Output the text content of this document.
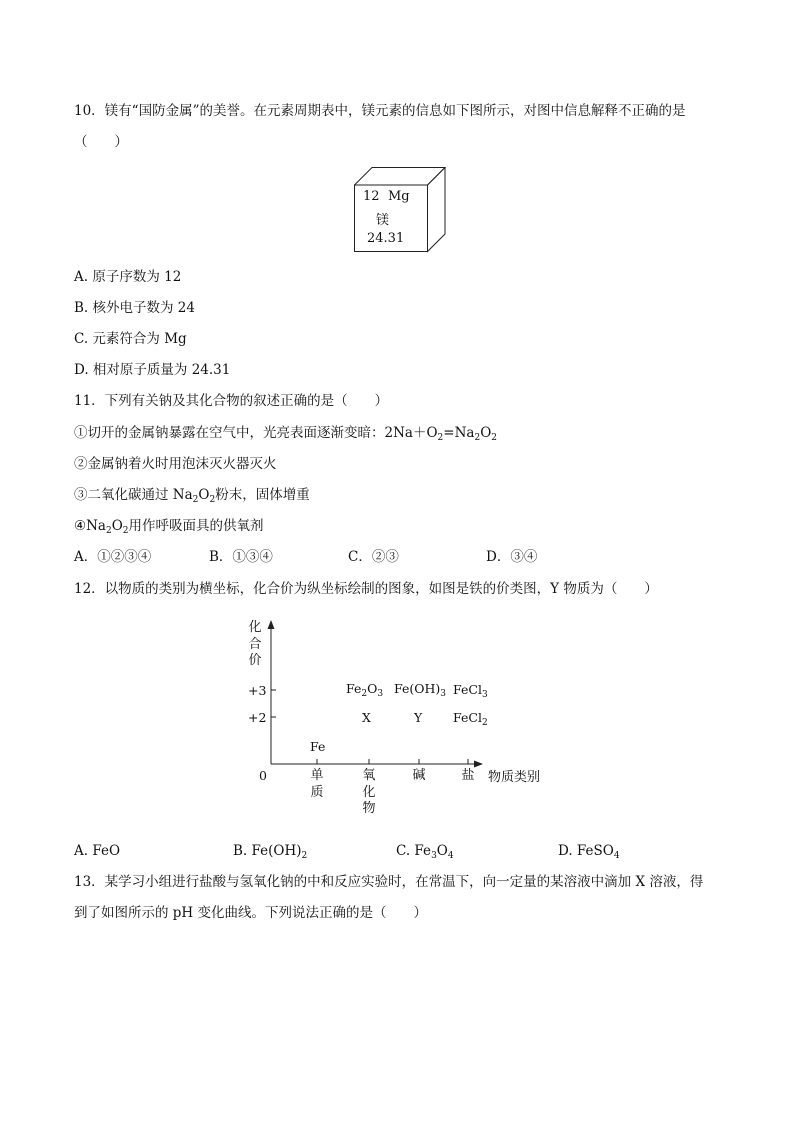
10．镁有“国防金属”的美誉。在元素周期表中，镁元素的信息如下图所示，对图中信息解释不正确的是
（　　）
12 Mg
镁
24.31
A. 原子序数为 12
B. 核外电子数为 24
C. 元素符合为 Mg
D. 相对原子质量为 24.31
11．下列有关钠及其化合物的叙述正确的是（　　）
①切开的金属钠暴露在空气中，光亮表面逐渐变暗：$2Na+O_2=Na_2O_2$
②金属钠着火时用泡沫灭火器灭火
③二氧化碳通过 $Na_2O_2$粉末，固体增重
$④Na_2O_2$用作呼吸面具的供氧剂
A．①②③④	B．①③④	C．②③	D．③④
12．以物质的类别为横坐标，化合价为纵坐标绘制的图象，如图是铁的价类图，Y 物质为（　　）
化
合
价
+3
+2
0	单
质
氧
化
物
碱	盐 物质类别
Fe
$Fe_2O_3$ $Fe(OH)_3$ FeCl$_3$
X	Y FeCl$_2$
A. FeO	B. $Fe(OH)_2$	C. $Fe_3O_4$	D. FeSO$_4$
13．某学习小组进行盐酸与氢氧化钠的中和反应实验时，在常温下，向一定量的某溶液中滴加 X 溶液，得
到了如图所示的 pH 变化曲线。下列说法正确的是（　　）
